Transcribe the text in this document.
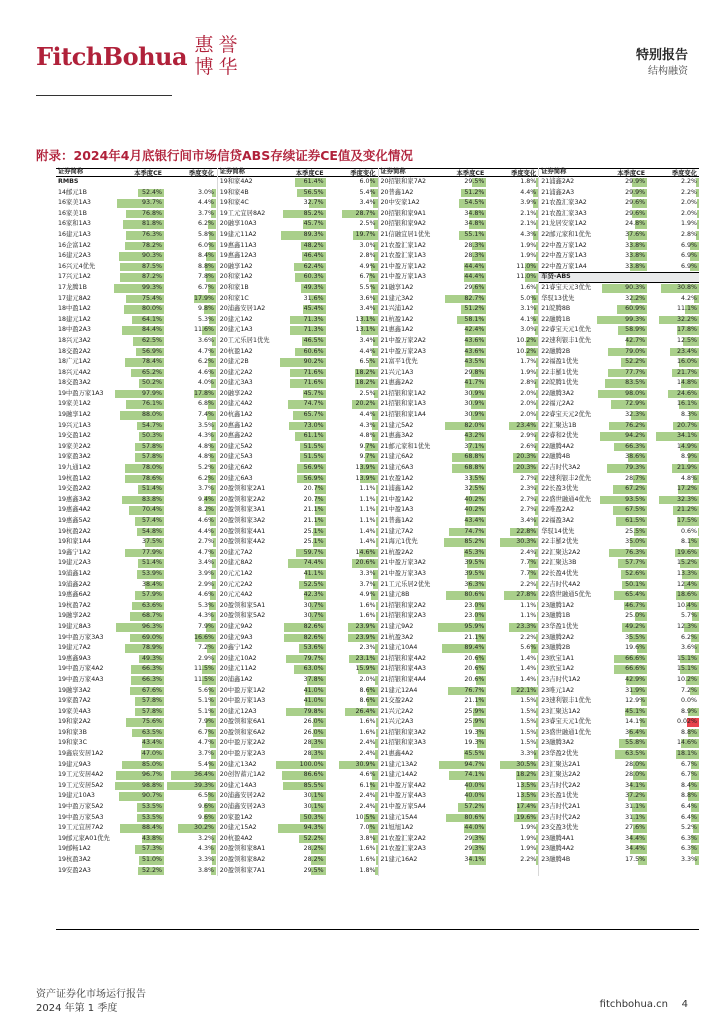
FitchBohua 惠 誉
博 华
特别报告
结构融资
附录：2024年4月底银行间市场信贷ABS存续证券CE值及变化情况
证券简称	本季度CE	季度变化
RMBS
14邮元1B	52.4%	3.0%
16家美1A3	93.7%	4.4%
16家美1B	76.8%	3.7%
16家和1A3	81.8%	6.2%
16建元1A3	76.3%	5.8%
16企富1A2	78.2%	6.0%
16建元2A3	90.3%	8.4%
16兴元4优先	87.5%	8.8%
17兴元1A2	87.2%	7.8%
17龙腾1B	99.3%	6.7%
17建元8A2	75.4%	17.9%
18中盈1A2	80.0%	9.8%
18建元1A2	64.1%	5.3%
18中盈2A3	84.4%	11.6%
18兴元3A2	62.5%	3.6%
18交盈2A2	56.9%	4.7%
18广元1A2	78.4%	6.2%
18兴元4A2	65.2%	4.6%
18交盈3A2	50.2%	4.0%
19中盈万家1A3	97.9%	17.8%
19家美1A2	76.1%	6.8%
19融享1A2	88.0%	7.4%
19兴元1A3	54.7%	3.5%
19交盈1A2	50.3%	4.3%
19家美2A2	57.8%	4.8%
19家盈3A2	57.8%	4.8%
19九通1A2	78.0%	5.2%
19杭盈1A2	78.6%	6.2%
19交盈2A2	51.4%	3.7%
19惠鑫3A2	83.8%	9.4%
19惠鑫4A2	70.4%	8.2%
19惠鑫5A2	57.4%	4.6%
19杭盈2A2	54.8%	4.4%
19和家1A4	37.5%	2.7%
19鑫宁1A2	77.9%	4.7%
19建元2A3	51.4%	3.4%
19浦鑫1A2	53.9%	3.9%
19浦鑫2A2	38.4%	2.9%
19惠鑫6A2	57.9%	4.6%
19杭盈7A2	63.6%	5.3%
19融享2A2	68.7%	4.3%
19建元8A3	96.3%	7.9%
19中盈万家3A3	69.0%	16.6%
19建元7A2	78.9%	7.2%
19惠鑫9A3	49.3%	2.9%
19中盈万家4A2	66.3%	11.5%
19中盈万家4A3	66.3%	11.5%
19融享3A2	67.6%	5.6%
19家盈7A2	57.8%	5.1%
19家美4A3	57.8%	5.1%
19和家2A2	75.6%	7.9%
19和家3B	63.5%	6.7%
19和家3C	43.4%	4.7%
19鑫宸安居1A2	47.0%	3.7%
19建元9A3	85.0%	5.4%
19工元安居4A2	96.7%	36.4%
19工元安居5A2	98.8%	39.3%
19建元10A3	90.7%	6.5%
19中盈万家5A2	53.5%	9.6%
19中盈万家5A3	53.5%	9.6%
19工元宜居7A2	88.4%	30.2%
19邮元家A01优先	43.8%	3.2%
19邮畅1A2	57.3%	4.3%
19杭盈3A2	51.0%	3.3%
19安盈2A3	52.2%	3.8%
证券简称	本季度CE	季度变化
19和家4A2	61.4%	6.0%
19和家4B	56.5%	5.4%
19和家4C	32.7%	3.4%
19工元宜居8A2	85.2%	28.7%
20融享10A3	45.7%	2.5%
19建元11A2	89.3%	19.7%
19惠鑫11A3	48.2%	3.0%
19惠鑫12A3	46.4%	2.8%
20融享1A2	62.4%	4.9%
20和家1A2	60.3%	6.7%
20和家1B	49.3%	5.5%
20和家1C	31.6%	3.6%
20浦鑫安居1A2	45.4%	3.4%
20建元1A2	71.3%	13.1%
20建元1A3	71.3%	13.1%
20工元乐居1优先	46.5%	3.4%
20杭盈1A2	60.6%	4.4%
20建元2B	90.2%	6.5%
20建元2A2	71.6%	18.2%
20建元3A3	71.6%	18.2%
20融享2A2	45.7%	2.5%
20建元4A2	74.7%	20.2%
20杭鑫1A2	65.7%	4.4%
20惠鑫1A2	73.0%	4.3%
20惠鑫2A2	61.1%	4.8%
20建元5A2	51.5%	9.7%
20建元5A3	51.5%	9.7%
20建元6A2	56.9%	13.9%
20建元6A3	56.9%	13.9%
20盈领和家2A1	20.7%	1.1%
20盈领和家2A2	20.7%	1.1%
20盈领和家3A1	21.1%	1.1%
20盈领和家3A2	21.1%	1.1%
20盈领和家4A1	25.1%	1.4%
20盈领和家4A2	25.1%	1.4%
20建元7A2	59.7%	14.6%
20建元8A2	74.4%	20.6%
20元元1A2	41.1%	3.3%
20元元2A2	52.5%	3.7%
20元元4A2	42.3%	4.9%
20盈领和家5A1	30.7%	1.6%
20盈领和家5A2	30.7%	1.6%
20建元9A2	82.6%	23.9%
20建元9A3	82.6%	23.9%
20鑫宁1A2	53.6%	2.3%
20建元10A2	79.7%	23.1%
20建元11A2	63.0%	15.9%
20浦鑫1A2	37.8%	2.0%
20中盈万家1A2	41.0%	8.6%
20中盈万家1A3	41.0%	8.6%
20建元12A3	79.8%	26.4%
20盈领和家6A1	26.0%	1.6%
20盈领和家6A2	26.0%	1.6%
20中盈万家2A2	28.3%	2.4%
20中盈万家2A3	28.3%	2.4%
20建元13A2	100.0%	30.9%
20创智蓄元1A2	86.6%	4.6%
20建元14A3	85.5%	6.1%
20浦鑫安居2A2	30.1%	2.4%
20浦鑫安居2A3	30.1%	2.4%
20家盈1A2	50.3%	10.5%
20建元15A2	94.3%	7.0%
20杭盈4A2	52.2%	3.8%
20盈领和家8A1	28.2%	1.6%
20盈领和家8A2	28.2%	1.6%
20盈领和家7A1	29.5%	1.8%
证券简称	本季度CE	季度变化
20招银和家7A2	29.5%	1.8%
20普鑫1A2	51.2%	4.4%
20中安家1A2	54.5%	3.9%
20招银和家9A1	34.8%	2.1%
20招银和家9A2	34.8%	2.1%
21信融宜居1优先	55.1%	4.3%
21农盈汇家1A2	28.3%	1.9%
21农盈汇家1A3	28.3%	1.9%
21中盈万家1A2	44.4%	11.0%
21中盈万家1A3	44.4%	11.0%
21融享1A2	29.6%	1.6%
21建元3A2	82.7%	5.0%
21兴浦1A2	51.2%	3.1%
21杭盈1A2	58.1%	4.1%
21惠鑫1A2	42.4%	3.0%
21中盈万家2A2	43.6%	10.2%
21中盈万家2A3	43.6%	10.2%
21富平1优先	43.5%	1.7%
21兴元1A3	29.8%	1.9%
21惠鑫2A2	41.7%	2.8%
21招银和家1A2	30.9%	2.0%
21招银和家1A3	30.9%	2.0%
21招银和家1A4	30.9%	2.0%
21建元5A2	82.0%	23.4%
21惠鑫3A2	43.2%	2.9%
21邮元家和1优先	37.1%	2.6%
21建元6A2	68.8%	20.3%
21建元6A3	68.8%	20.3%
21农盈1A2	33.5%	2.7%
21浦鑫1A2	32.5%	2.3%
21中盈1A2	40.2%	2.7%
21中盈1A3	40.2%	2.7%
21普鑫1A2	43.4%	3.4%
21建元7A2	74.7%	22.8%
21海元1优先	85.2%	30.3%
21杭盈2A2	45.3%	2.4%
21中盈万家3A2	39.5%	7.7%
21中盈万家3A3	39.5%	7.7%
21工元乐居2优先	36.3%	2.2%
21建元8B	80.6%	27.8%
21招银和家2A2	23.0%	1.1%
21招银和家2A3	23.0%	1.1%
21建元9A2	95.9%	23.3%
21杭盈3A2	21.1%	2.2%
21建元10A4	89.4%	5.6%
21招银和家4A2	20.6%	1.4%
21招银和家4A3	20.6%	1.4%
21招银和家4A4	20.6%	1.4%
21建元12A4	76.7%	22.1%
21交盈2A2	21.1%	1.5%
21兴元2A2	25.9%	1.5%
21兴元2A3	25.9%	1.5%
21招银和家3A2	19.3%	1.5%
21招银和家3A3	19.3%	1.5%
21惠鑫4A2	45.5%	3.3%
21建元13A2	94.7%	30.5%
21建元14A2	74.1%	18.2%
21中盈万家4A2	40.0%	13.5%
21中盈万家4A3	40.0%	13.5%
21中盈万家5A4	57.2%	17.4%
21建元15A4	80.6%	19.6%
21旭旭1A2	44.0%	1.9%
21农盈汇家2A2	29.3%	1.9%
21农盈汇家2A3	29.3%	1.9%
21建元16A2	34.1%	2.2%
证券简称	本季度CE	季度变化
21浦鑫2A2	29.9%	2.2%
21浦鑫2A3	29.9%	2.2%
21农盈汇家3A2	29.6%	2.0%
21农盈汇家3A3	29.6%	2.0%
21龙居安家1A2	24.8%	1.9%
22邮元家和1优先	37.6%	2.8%
22中盈万家1A2	33.8%	6.9%
22中盈万家1A3	33.8%	6.9%
22中盈万家1A4	33.8%	6.9%
车贷-ABS
21睿宝天元3优先	90.3%	30.8%
华驭13优先	32.2%	4.2%
21皖腾8B	60.9%	11.1%
22融腾1B	99.3%	32.2%
22睿宝天元1优先	58.9%	17.8%
22速利银丰1优先	42.7%	12.5%
22融腾2B	79.0%	23.4%
22福盈1优先	52.2%	16.0%
22丰羅1优先	77.7%	21.7%
22皖腾1优先	83.5%	14.8%
22融腾3A2	98.0%	24.6%
22福元2A2	72.9%	16.1%
22睿宝天元2优先	32.3%	8.3%
22汇聚达1B	76.2%	20.7%
22睿和2优先	94.2%	34.1%
22融腾4A2	66.3%	14.9%
22融腾4B	38.6%	8.9%
22吉时代3A2	79.3%	21.9%
22速利银丰2优先	28.7%	4.8%
22长盈3优先	67.2%	17.2%
22盛世融通4优先	93.5%	32.3%
22唯盈2A2	67.5%	21.2%
22福盈3A2	61.5%	17.5%
华驭14优先	25.5%	0.6%
22丰羅2优先	35.0%	8.1%
22汇聚达2A2	76.3%	19.6%
22汇聚达3B	57.7%	15.2%
22长盈4优先	52.6%	13.3%
22吉时代4A2	50.1%	12.4%
22盛世融通5优先	65.4%	18.6%
23融腾1A2	46.7%	10.4%
23融腾1B	25.0%	5.7%
23华盈1优先	49.2%	12.3%
23融腾2A2	35.5%	6.2%
23融腾2B	19.6%	3.6%
23欧宝1A1	66.6%	15.1%
23欧宝1A2	66.6%	15.1%
23吉时代1A2	42.9%	10.2%
23唯元1A2	31.9%	7.2%
23速利银丰1优先	12.9%	0.0%
23汇聚达1A2	45.1%	8.9%
23睿宝天元1优先	14.1%	0.02%
23盛世融通1优先	36.4%	8.8%
23融腾3A2	55.8%	14.6%
23华盈2优先	63.5%	18.1%
23汇聚达2A1	28.0%	6.7%
23汇聚达2A2	28.0%	6.7%
23吉时代2A2	34.1%	8.4%
23长盈1优先	37.2%	8.8%
23吉时代2A1	31.1%	6.4%
23吉时代2A2	31.1%	6.4%
23交盈3优先	27.6%	5.2%
23融腾4A1	34.4%	6.3%
23融腾4A2	34.4%	6.3%
23融腾4B	17.5%	3.3%
资产证券化市场运行报告
2024 年第 1 季度	fitchbohua.cn 4
